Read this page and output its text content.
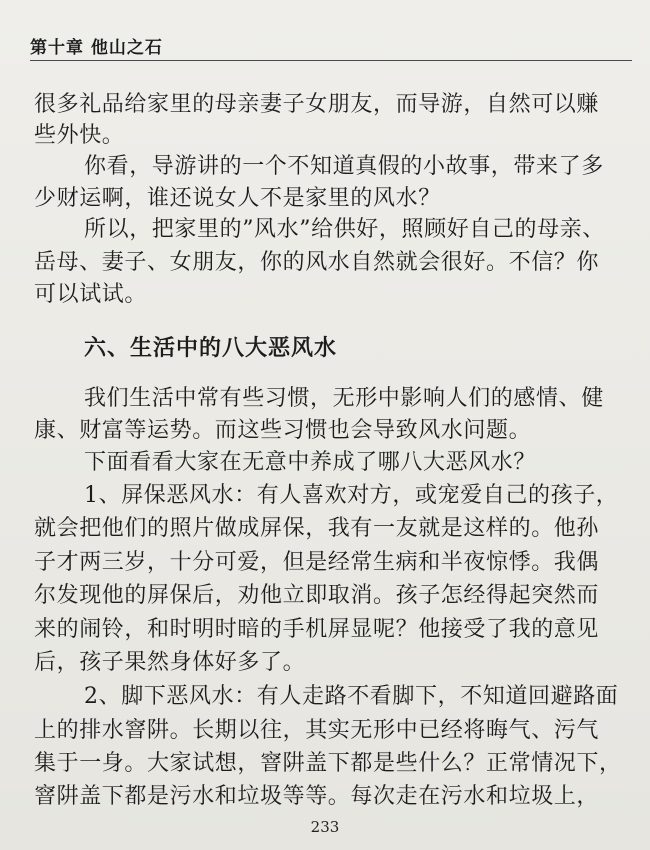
第十章 他山之石
很多礼品给家里的母亲妻子女朋友，而导游，自然可以赚
些外快。
你看，导游讲的一个不知道真假的小故事，带来了多
少财运啊，谁还说女人不是家里的风水？
所以，把家里的”风水”给供好，照顾好自己的母亲、
岳母、妻子、女朋友，你的风水自然就会很好。不信？你
可以试试。
六、生活中的八大恶风水
我们生活中常有些习惯，无形中影响人们的感情、健
康、财富等运势。而这些习惯也会导致风水问题。
下面看看大家在无意中养成了哪八大恶风水？
1、屏保恶风水：有人喜欢对方，或宠爱自己的孩子，
就会把他们的照片做成屏保，我有一友就是这样的。他孙
子才两三岁，十分可爱，但是经常生病和半夜惊悸。我偶
尔发现他的屏保后，劝他立即取消。孩子怎经得起突然而
来的闹铃，和时明时暗的手机屏显呢？他接受了我的意见
后，孩子果然身体好多了。
2、脚下恶风水：有人走路不看脚下，不知道回避路面
上的排水窨阱。长期以往，其实无形中已经将晦气、污气
集于一身。大家试想，窨阱盖下都是些什么？正常情况下，
窨阱盖下都是污水和垃圾等等。每次走在污水和垃圾上，
233
